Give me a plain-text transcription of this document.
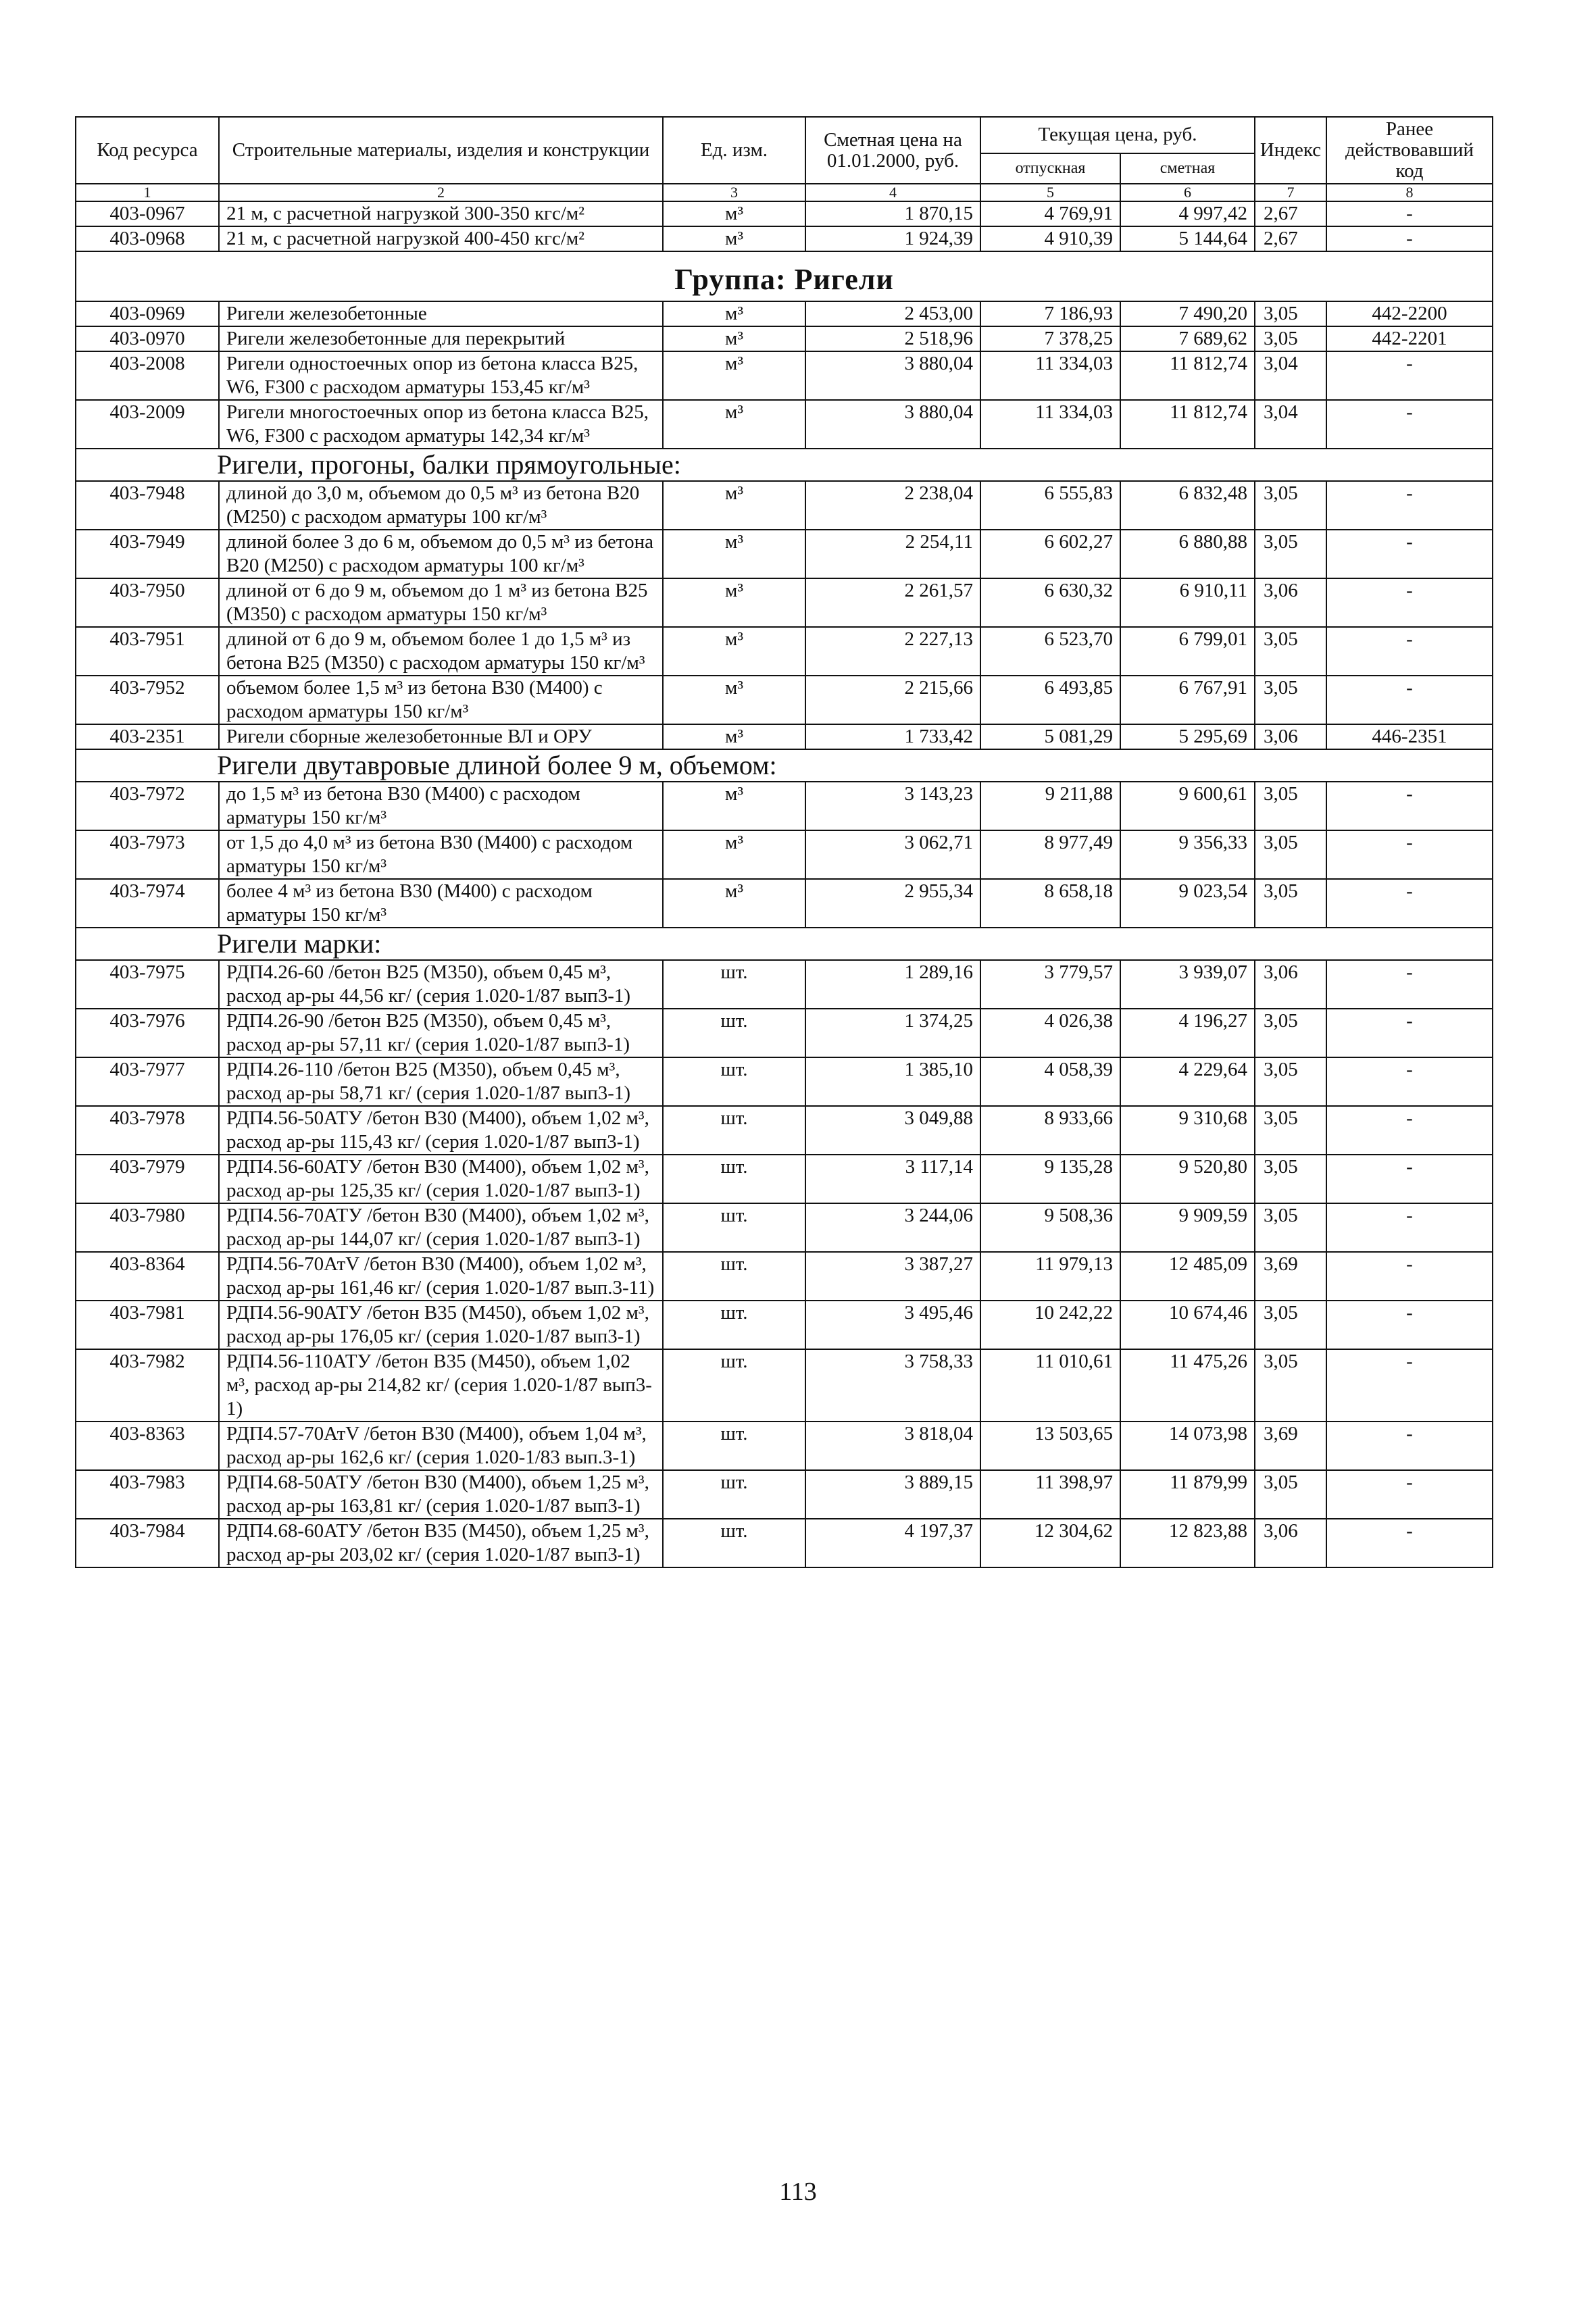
Код ресурса	Строительные материалы, изделия и конструкции	Ед. изм.	Сметная цена на 01.01.2000, руб.	Текущая цена, руб.		Индекс	Ранее действовавший код
				отпускная	сметная		
1	2	3	4	5	6	7	8
403-0967	21 м, с расчетной нагрузкой 300-350 кгс/м²	м³	1 870,15	4 769,91	4 997,42	2,67	-
403-0968	21 м, с расчетной нагрузкой 400-450 кгс/м²	м³	1 924,39	4 910,39	5 144,64	2,67	-
Группа: Ригели							
403-0969	Ригели железобетонные	м³	2 453,00	7 186,93	7 490,20	3,05	442-2200
403-0970	Ригели железобетонные для перекрытий	м³	2 518,96	7 378,25	7 689,62	3,05	442-2201
403-2008	Ригели одностоечных опор из бетона класса В25, W6, F300 с расходом арматуры 153,45 кг/м³	м³	3 880,04	11 334,03	11 812,74	3,04	-
403-2009	Ригели многостоечных опор из бетона класса В25, W6, F300 с расходом арматуры 142,34 кг/м³	м³	3 880,04	11 334,03	11 812,74	3,04	-
Ригели, прогоны, балки прямоугольные:							
403-7948	длиной до 3,0 м, объемом до 0,5 м³ из бетона В20 (М250) с расходом арматуры 100 кг/м³	м³	2 238,04	6 555,83	6 832,48	3,05	-
403-7949	длиной более 3 до 6 м, объемом до 0,5 м³ из бетона В20 (М250) с расходом арматуры 100 кг/м³	м³	2 254,11	6 602,27	6 880,88	3,05	-
403-7950	длиной от 6 до 9 м, объемом до 1 м³ из бетона В25 (М350) с расходом арматуры 150 кг/м³	м³	2 261,57	6 630,32	6 910,11	3,06	-
403-7951	длиной от 6 до 9 м, объемом более 1 до 1,5 м³ из бетона В25 (М350) с расходом арматуры 150 кг/м³	м³	2 227,13	6 523,70	6 799,01	3,05	-
403-7952	объемом более 1,5 м³ из бетона В30 (М400) с расходом арматуры 150 кг/м³	м³	2 215,66	6 493,85	6 767,91	3,05	-
403-2351	Ригели сборные железобетонные ВЛ и ОРУ	м³	1 733,42	5 081,29	5 295,69	3,06	446-2351
Ригели двутавровые длиной более 9 м, объемом:							
403-7972	до 1,5 м³ из бетона В30 (М400) с расходом арматуры 150 кг/м³	м³	3 143,23	9 211,88	9 600,61	3,05	-
403-7973	от 1,5 до 4,0 м³ из бетона В30 (М400) с расходом арматуры 150 кг/м³	м³	3 062,71	8 977,49	9 356,33	3,05	-
403-7974	более 4 м³ из бетона В30 (М400) с расходом арматуры 150 кг/м³	м³	2 955,34	8 658,18	9 023,54	3,05	-
Ригели марки:							
403-7975	РДП4.26-60 /бетон В25 (М350), объем 0,45 м³, расход ар-ры 44,56 кг/ (серия 1.020-1/87 вып3-1)	шт.	1 289,16	3 779,57	3 939,07	3,06	-
403-7976	РДП4.26-90 /бетон В25 (М350), объем 0,45 м³, расход ар-ры 57,11 кг/ (серия 1.020-1/87 вып3-1)	шт.	1 374,25	4 026,38	4 196,27	3,05	-
403-7977	РДП4.26-110 /бетон В25 (М350), объем 0,45 м³, расход ар-ры 58,71 кг/ (серия 1.020-1/87 вып3-1)	шт.	1 385,10	4 058,39	4 229,64	3,05	-
403-7978	РДП4.56-50АТУ /бетон В30 (М400), объем 1,02 м³, расход ар-ры 115,43 кг/ (серия 1.020-1/87 вып3-1)	шт.	3 049,88	8 933,66	9 310,68	3,05	-
403-7979	РДП4.56-60АТУ /бетон В30 (М400), объем 1,02 м³, расход ар-ры 125,35 кг/ (серия 1.020-1/87 вып3-1)	шт.	3 117,14	9 135,28	9 520,80	3,05	-
403-7980	РДП4.56-70АТУ /бетон В30 (М400), объем 1,02 м³, расход ар-ры 144,07 кг/ (серия 1.020-1/87 вып3-1)	шт.	3 244,06	9 508,36	9 909,59	3,05	-
403-8364	РДП4.56-70АтV /бетон В30 (М400), объем 1,02 м³, расход ар-ры 161,46 кг/ (серия 1.020-1/87 вып.3-11)	шт.	3 387,27	11 979,13	12 485,09	3,69	-
403-7981	РДП4.56-90АТУ /бетон В35 (М450), объем 1,02 м³, расход ар-ры 176,05 кг/ (серия 1.020-1/87 вып3-1)	шт.	3 495,46	10 242,22	10 674,46	3,05	-
403-7982	РДП4.56-110АТУ /бетон В35 (М450), объем 1,02 м³, расход ар-ры 214,82 кг/ (серия 1.020-1/87 вып3-1)	шт.	3 758,33	11 010,61	11 475,26	3,05	-
403-8363	РДП4.57-70АтV /бетон В30 (М400), объем 1,04 м³, расход ар-ры 162,6 кг/ (серия 1.020-1/83 вып.3-1)	шт.	3 818,04	13 503,65	14 073,98	3,69	-
403-7983	РДП4.68-50АТУ /бетон В30 (М400), объем 1,25 м³, расход ар-ры 163,81 кг/ (серия 1.020-1/87 вып3-1)	шт.	3 889,15	11 398,97	11 879,99	3,05	-
403-7984	РДП4.68-60АТУ /бетон В35 (М450), объем 1,25 м³, расход ар-ры 203,02 кг/ (серия 1.020-1/87 вып3-1)	шт.	4 197,37	12 304,62	12 823,88	3,06	-
113
